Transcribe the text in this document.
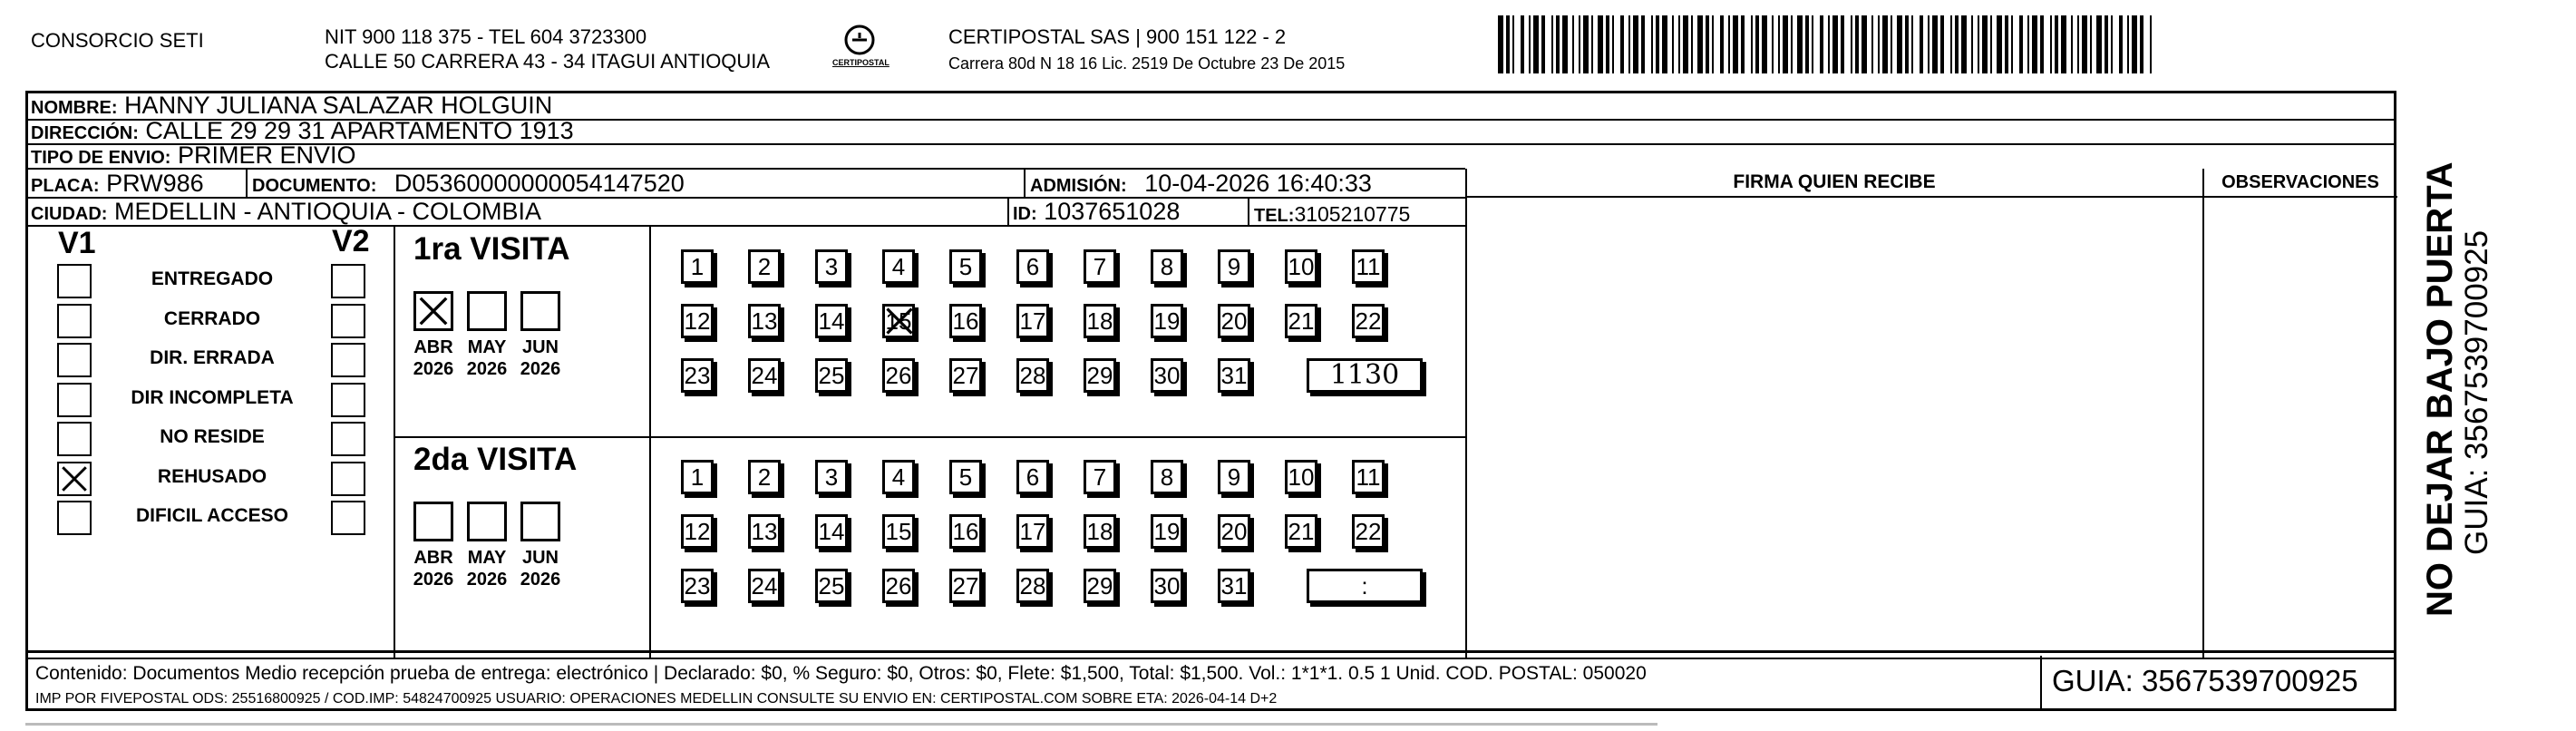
CONSORCIO SETI	NIT 900 118 375 - TEL 604 3723300
CALLE 50 CARRERA 43 - 34 ITAGUI ANTIOQUIA	CERTIPOSTAL
CERTIPOSTAL SAS | 900 151 122 - 2
Carrera 80d N 18 16 Lic. 2519 De Octubre 23 De 2015
FIRMA QUIEN RECIBE	OBSERVACIONES
NOMBRE: HANNY JULIANA SALAZAR HOLGUIN
DIRECCIÓN: CALLE 29 29 31 APARTAMENTO 1913
TIPO DE ENVIO: PRIMER ENVIO
PLACA: PRW986	DOCUMENTO: D05360000000054147520	ADMISIÓN: 10-04-2026 16:40:33
CIUDAD: MEDELLIN - ANTIOQUIA - COLOMBIA	ID: 1037651028	TEL:3105210775
V1	V2
ENTREGADO
CERRADO
DIR. ERRADA
DIR INCOMPLETA
NO RESIDE
REHUSADO
DIFICIL ACCESO
1ra VISITA
ABR
2026
MAY
2026
JUN
2026
1	2	3	4	5	6	7	8	9	10 11
12 13 14 15 16 17 18 19 20 21 22
23 24 25 26 27 28 29 30 31	1130
2da VISITA
ABR
2026
MAY
2026
JUN
2026
1	2	3	4	5	6	7	8	9	10 11
12 13 14 15 16 17 18 19 20 21 22
23 24 25 26 27 28 29 30 31	:
Contenido: Documentos Medio recepción prueba de entrega: electrónico | Declarado: $0, % Seguro: $0, Otros: $0, Flete: $1,500, Total: $1,500. Vol.: 1*1*1. 0.5 1 Unid. COD. POSTAL: 050020
IMP POR FIVEPOSTAL ODS: 25516800925 / COD.IMP: 54824700925 USUARIO: OPERACIONES MEDELLIN CONSULTE SU ENVIO EN: CERTIPOSTAL.COM SOBRE ETA: 2026-04-14 D+2
GUIA: 3567539700925
NO DEJAR BAJO PUERTA GUIA: 3567539700925
